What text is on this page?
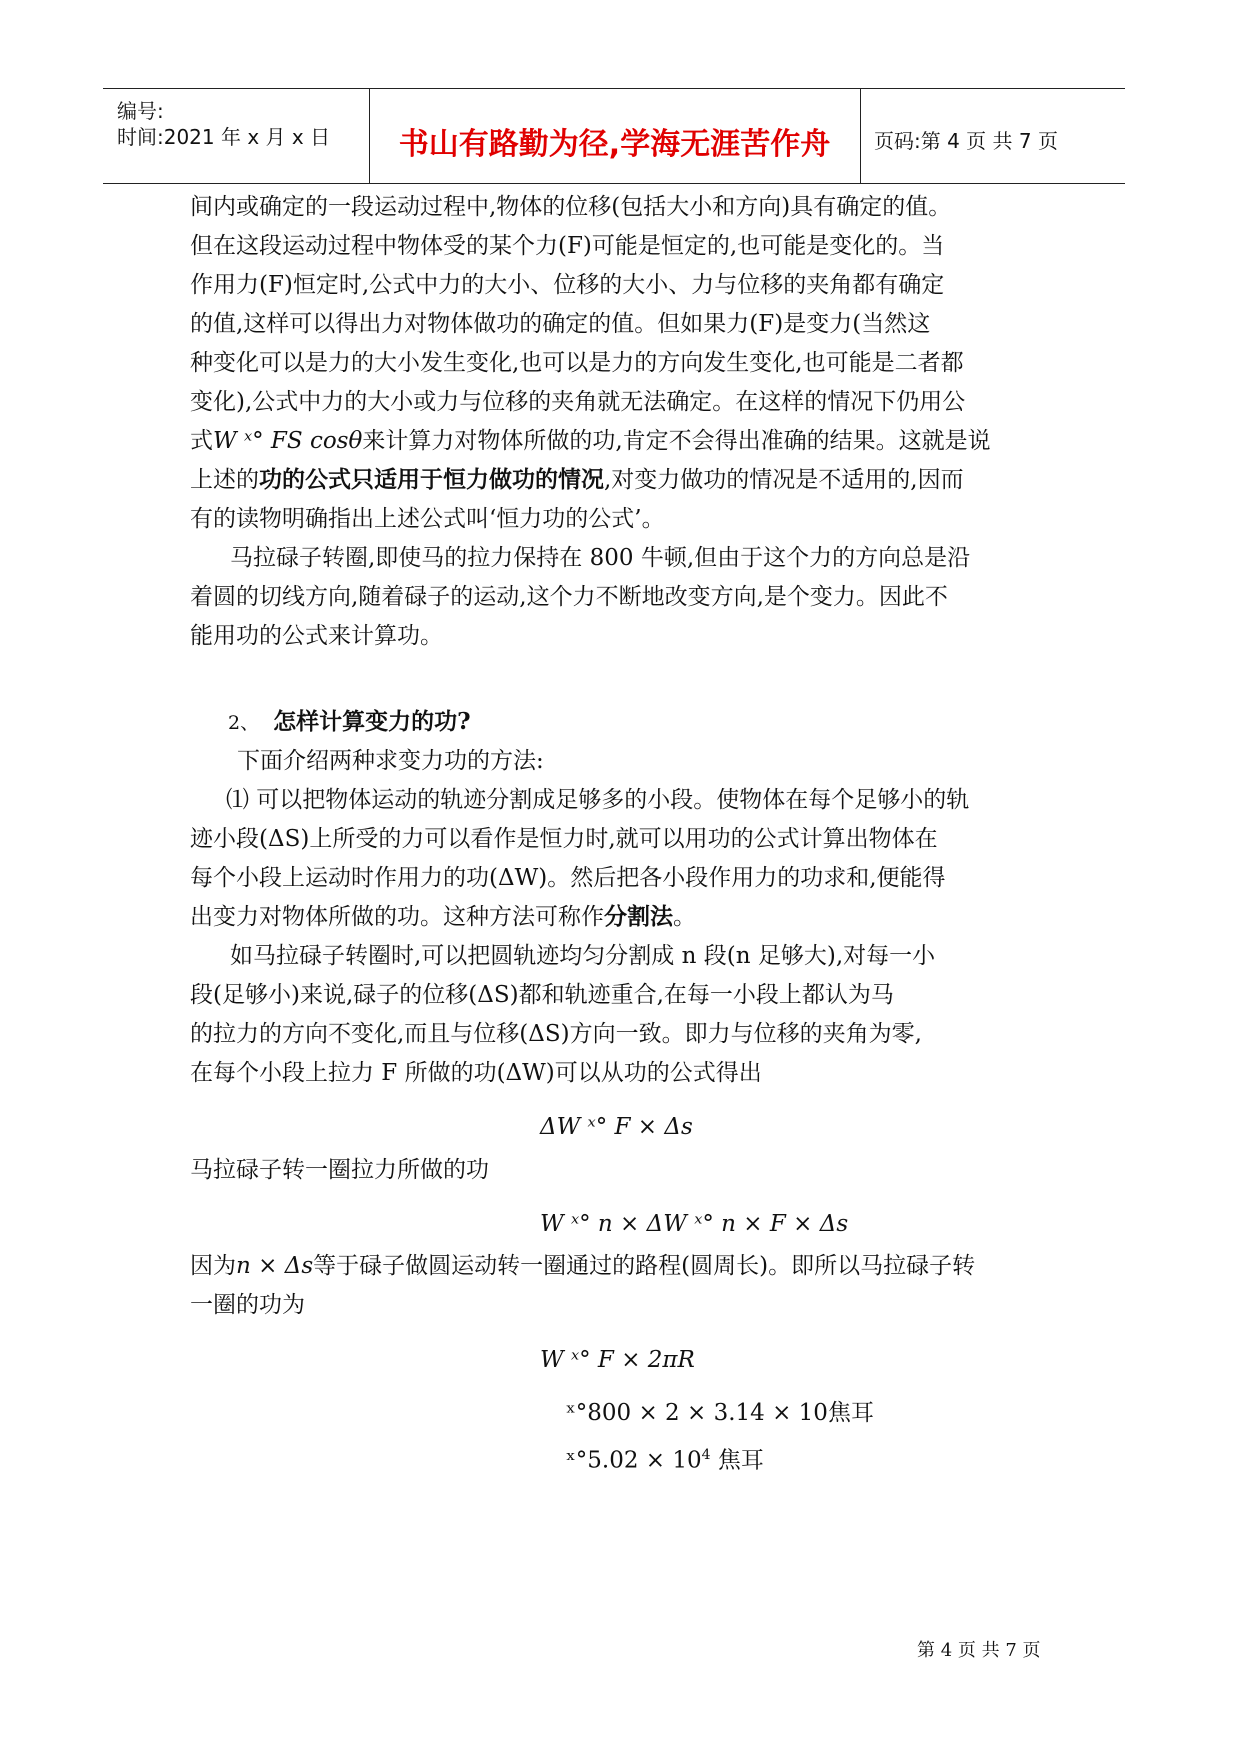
编号:
时间:2021 年 x 月 x 日	书山有路勤为径,学海无涯苦作舟	页码:第 4 页 共 7 页
间内或确定的一段运动过程中,物体的位移(包括大小和方向)具有确定的值。
但在这段运动过程中物体受的某个力(F)可能是恒定的,也可能是变化的。当
作用力(F)恒定时,公式中力的大小、位移的大小、力与位移的夹角都有确定
的值,这样可以得出力对物体做功的确定的值。但如果力(F)是变力(当然这
种变化可以是力的大小发生变化,也可以是力的方向发生变化,也可能是二者都
变化),公式中力的大小或力与位移的夹角就无法确定。在这样的情况下仍用公
式W ˣ° FS cosθ来计算力对物体所做的功,肯定不会得出准确的结果。这就是说
上述的功的公式只适用于恒力做功的情况,对变力做功的情况是不适用的,因而
有的读物明确指出上述公式叫‘恒力功的公式’。
马拉碌子转圈,即使马的拉力保持在 800 牛顿,但由于这个力的方向总是沿
着圆的切线方向,随着碌子的运动,这个力不断地改变方向,是个变力。因此不
能用功的公式来计算功。
2、 怎样计算变力的功?
下面介绍两种求变力功的方法:
⑴ 可以把物体运动的轨迹分割成足够多的小段。使物体在每个足够小的轨
迹小段(ΔS)上所受的力可以看作是恒力时,就可以用功的公式计算出物体在
每个小段上运动时作用力的功(ΔW)。然后把各小段作用力的功求和,便能得
出变力对物体所做的功。这种方法可称作分割法。
如马拉碌子转圈时,可以把圆轨迹均匀分割成 n 段(n 足够大),对每一小
段(足够小)来说,碌子的位移(ΔS)都和轨迹重合,在每一小段上都认为马
的拉力的方向不变化,而且与位移(ΔS)方向一致。即力与位移的夹角为零,
在每个小段上拉力 F 所做的功(ΔW)可以从功的公式得出
ΔW ˣ° F × Δs
马拉碌子转一圈拉力所做的功
W ˣ° n × ΔW ˣ° n × F × Δs
因为n × Δs等于碌子做圆运动转一圈通过的路程(圆周长)。即所以马拉碌子转
一圈的功为
W ˣ° F × 2πR
ˣ°800 × 2 × 3.14 × 10焦耳
ˣ°5.02 × $10^4$ 焦耳
第 4 页 共 7 页
